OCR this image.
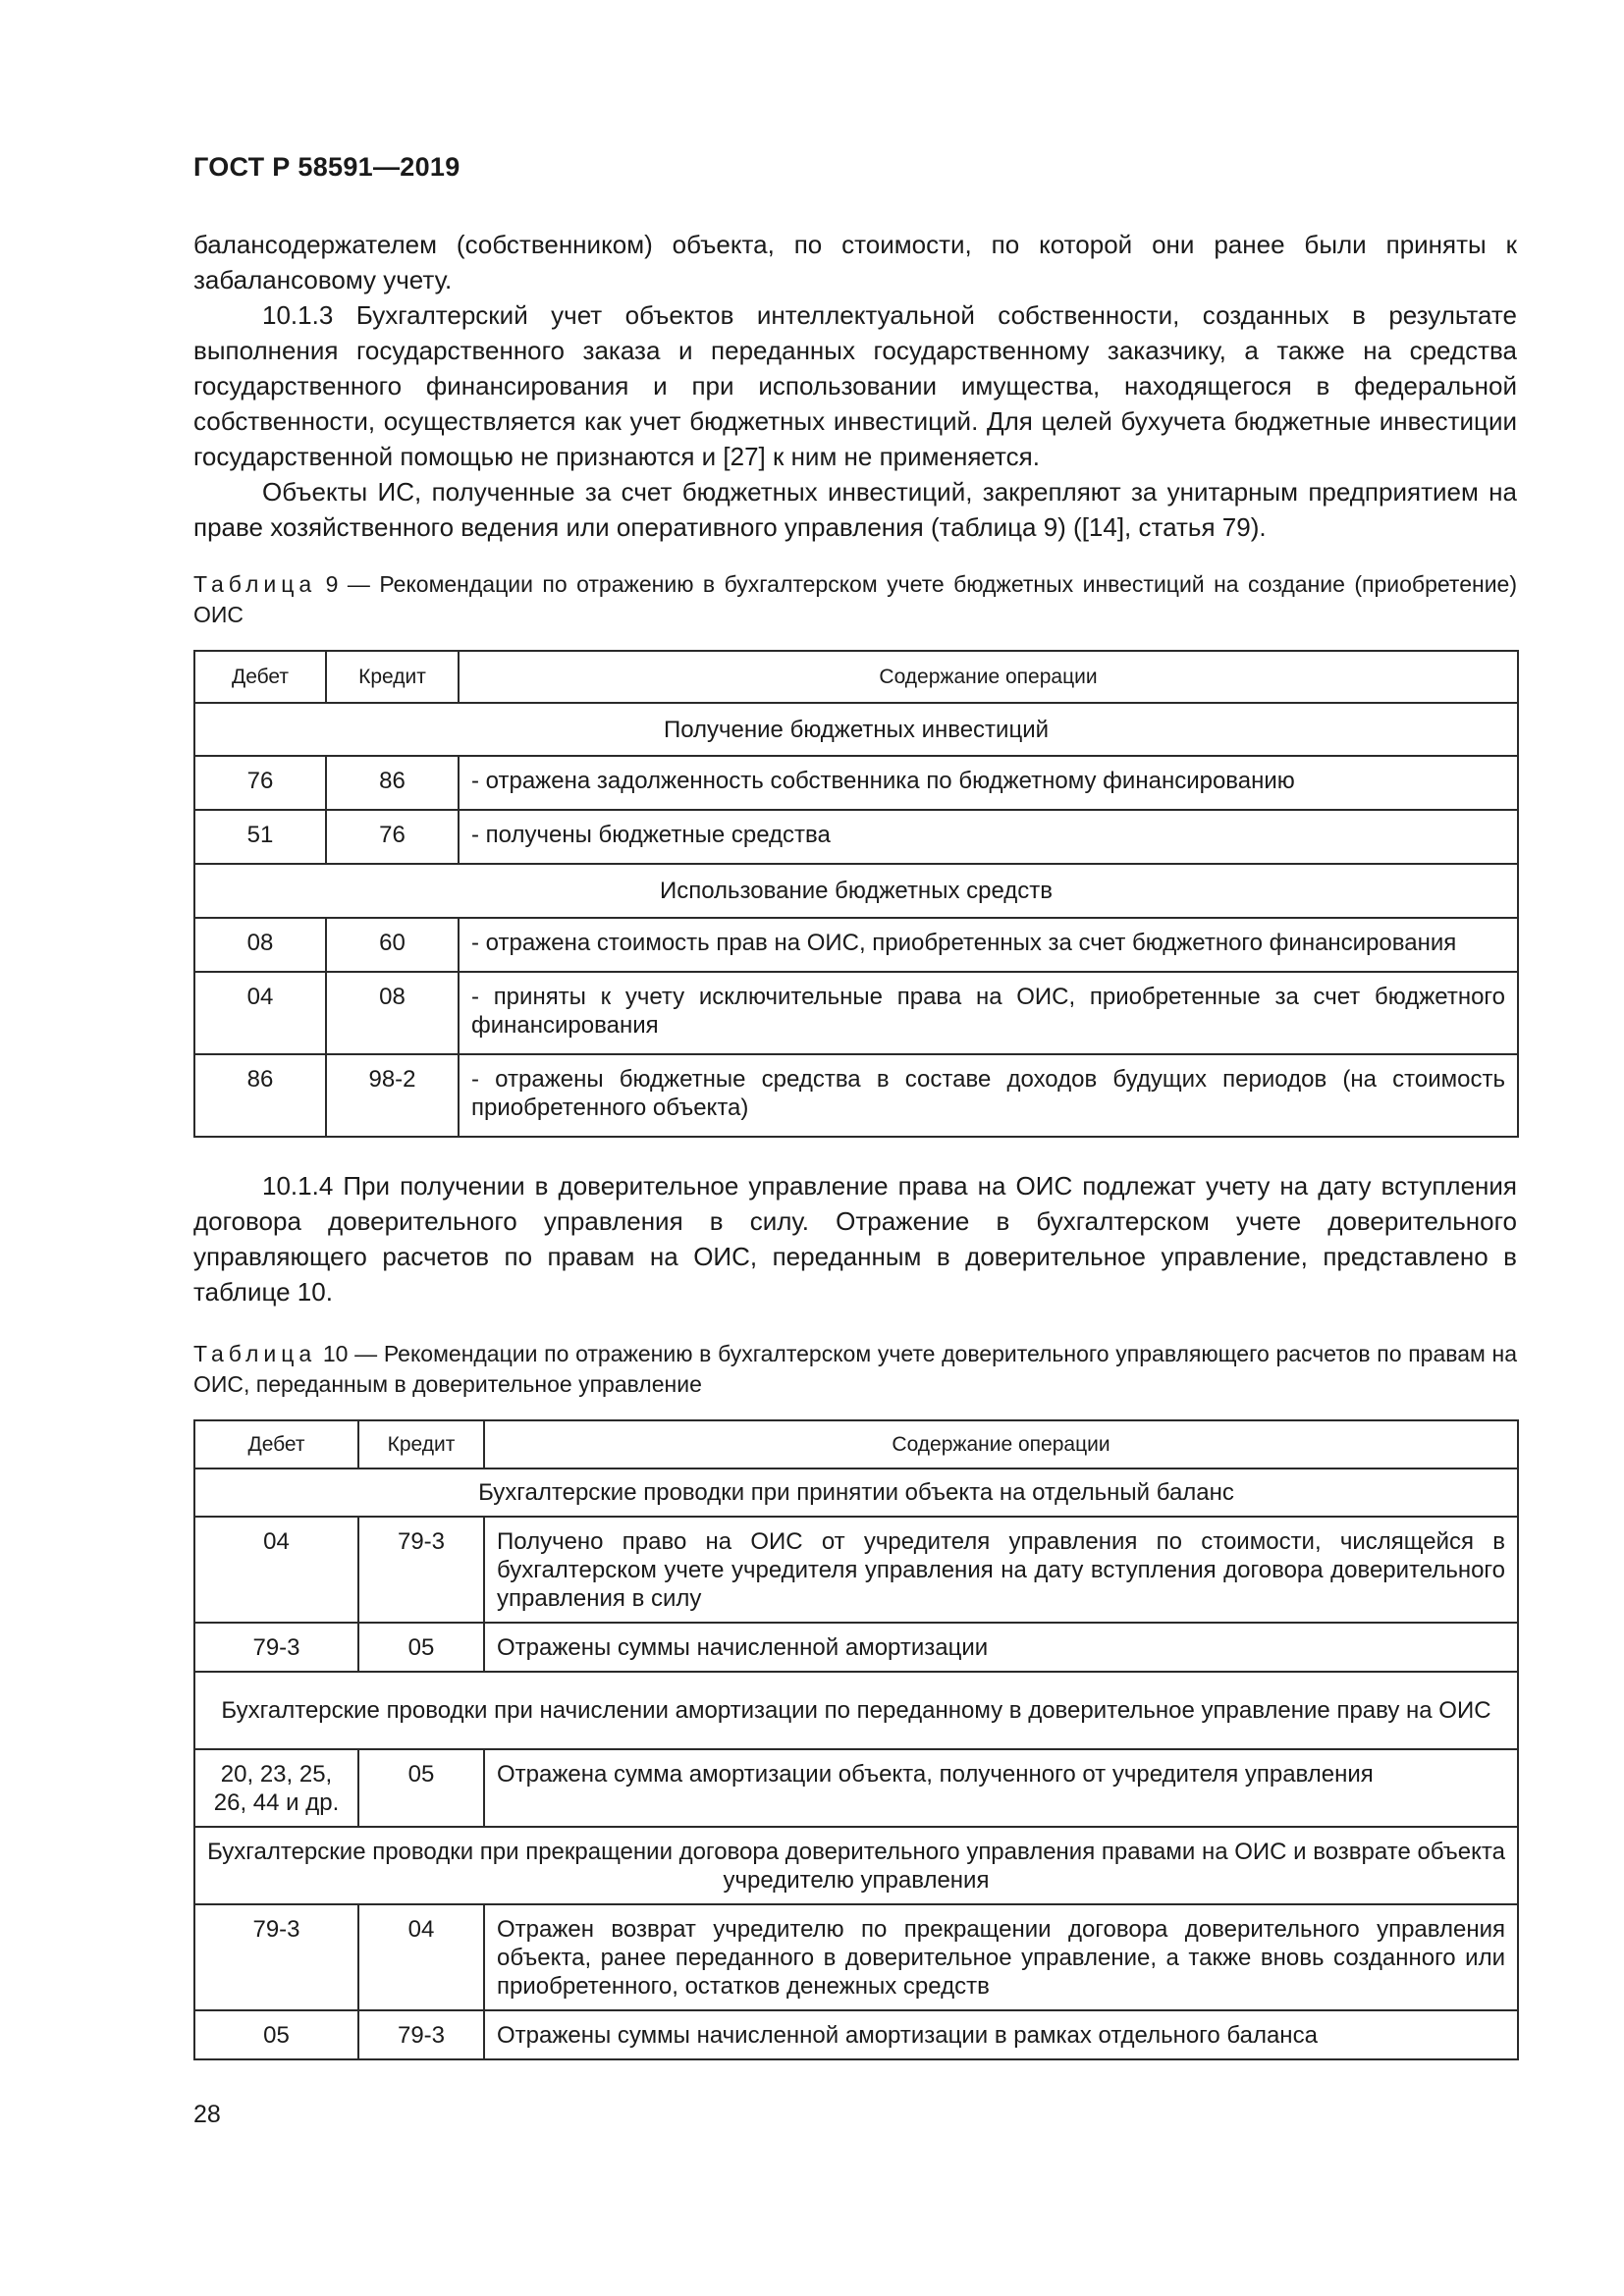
ГОСТ Р 58591—2019

балансодержателем (собственником) объекта, по стоимости, по которой они ранее были приняты к забалансовому учету.

10.1.3 Бухгалтерский учет объектов интеллектуальной собственности, созданных в результате выполнения государственного заказа и переданных государственному заказчику, а также на средства государственного финансирования и при использовании имущества, находящегося в федеральной собственности, осуществляется как учет бюджетных инвестиций. Для целей бухучета бюджетные инвестиции государственной помощью не признаются и [27] к ним не применяется.

Объекты ИС, полученные за счет бюджетных инвестиций, закрепляют за унитарным предприятием на праве хозяйственного ведения или оперативного управления (таблица 9) ([14], статья 79).

Таблица 9 — Рекомендации по отражению в бухгалтерском учете бюджетных инвестиций на создание (приобретение) ОИС
Дебет	Кредит	Содержание операции
Получение бюджетных инвестиций		
76	86	- отражена задолженность собственника по бюджетному финансированию
51	76	- получены бюджетные средства
Использование бюджетных средств		
08	60	- отражена стоимость прав на ОИС, приобретенных за счет бюджетного финансирования
04	08	- приняты к учету исключительные права на ОИС, приобретенные за счет бюджетного финансирования
86	98-2	- отражены бюджетные средства в составе доходов будущих периодов (на стоимость приобретенного объекта)

10.1.4 При получении в доверительное управление права на ОИС подлежат учету на дату вступления договора доверительного управления в силу. Отражение в бухгалтерском учете доверительного управляющего расчетов по правам на ОИС, переданным в доверительное управление, представлено в таблице 10.

Таблица 10 — Рекомендации по отражению в бухгалтерском учете доверительного управляющего расчетов по правам на ОИС, переданным в доверительное управление
Дебет	Кредит	Содержание операции
Бухгалтерские проводки при принятии объекта на отдельный баланс		
04	79-3	Получено право на ОИС от учредителя управления по стоимости, числящейся в бухгалтерском учете учредителя управления на дату вступления договора доверительного управления в силу
79-3	05	Отражены суммы начисленной амортизации
Бухгалтерские проводки при начислении амортизации по переданному в доверительное управление праву на ОИС		
20, 23, 25, 26, 44 и др.	05	Отражена сумма амортизации объекта, полученного от учредителя управления
Бухгалтерские проводки при прекращении договора доверительного управления правами на ОИС и возврате объекта учредителю управления		
79-3	04	Отражен возврат учредителю по прекращении договора доверительного управления объекта, ранее переданного в доверительное управление, а также вновь созданного или приобретенного, остатков денежных средств
05	79-3	Отражены суммы начисленной амортизации в рамках отдельного баланса
28
